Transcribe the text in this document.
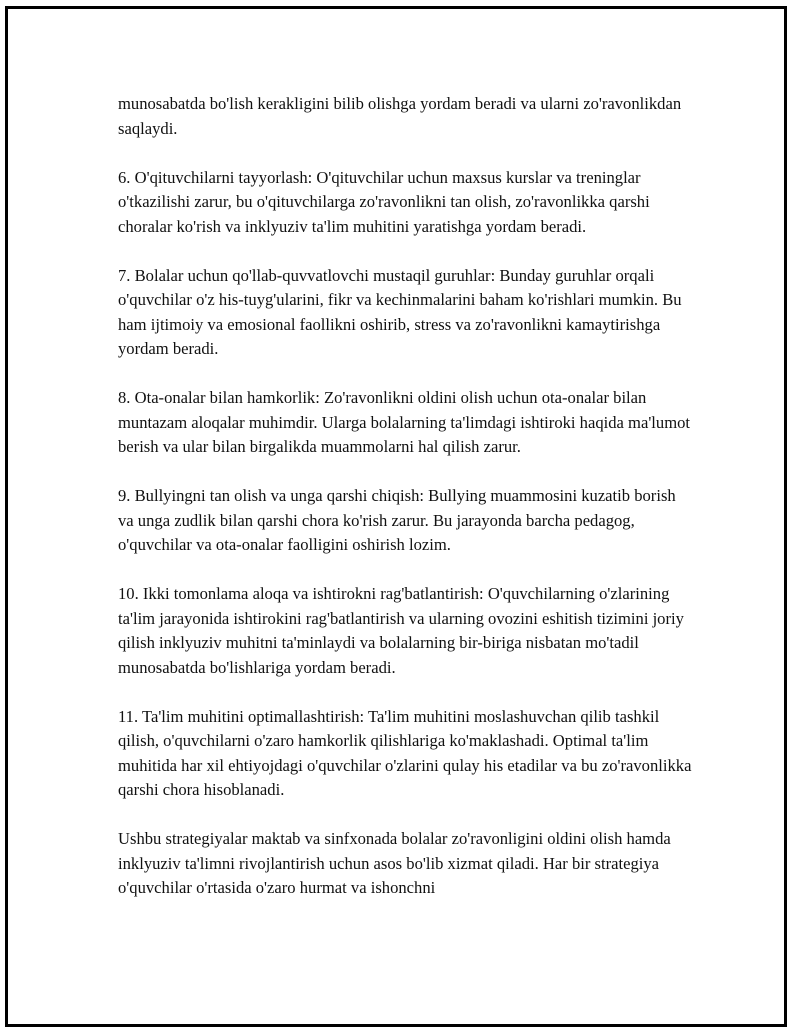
munosabatda bo'lish kerakligini bilib olishga yordam beradi va ularni zo'ravonlikdan saqlaydi.

6. O'qituvchilarni tayyorlash: O'qituvchilar uchun maxsus kurslar va treninglar o'tkazilishi zarur, bu o'qituvchilarga zo'ravonlikni tan olish, zo'ravonlikka qarshi choralar ko'rish va inklyuziv ta'lim muhitini yaratishga yordam beradi.

7. Bolalar uchun qo'llab-quvvatlovchi mustaqil guruhlar: Bunday guruhlar orqali o'quvchilar o'z his-tuyg'ularini, fikr va kechinmalarini baham ko'rishlari mumkin. Bu ham ijtimoiy va emosional faollikni oshirib, stress va zo'ravonlikni kamaytirishga yordam beradi.

8. Ota-onalar bilan hamkorlik: Zo'ravonlikni oldini olish uchun ota-onalar bilan muntazam aloqalar muhimdir. Ularga bolalarning ta'limdagi ishtiroki haqida ma'lumot berish va ular bilan birgalikda muammolarni hal qilish zarur.

9. Bullyingni tan olish va unga qarshi chiqish: Bullying muammosini kuzatib borish va unga zudlik bilan qarshi chora ko'rish zarur. Bu jarayonda barcha pedagog, o'quvchilar va ota-onalar faolligini oshirish lozim.

10. Ikki tomonlama aloqa va ishtirokni rag'batlantirish: O'quvchilarning o'zlarining ta'lim jarayonida ishtirokini rag'batlantirish va ularning ovozini eshitish tizimini joriy qilish inklyuziv muhitni ta'minlaydi va bolalarning bir-biriga nisbatan mo'tadil munosabatda bo'lishlariga yordam beradi.

11. Ta'lim muhitini optimallashtirish: Ta'lim muhitini moslashuvchan qilib tashkil qilish, o'quvchilarni o'zaro hamkorlik qilishlariga ko'maklashadi. Optimal ta'lim muhitida har xil ehtiyojdagi o'quvchilar o'zlarini qulay his etadilar va bu zo'ravonlikka qarshi chora hisoblanadi.

Ushbu strategiyalar maktab va sinfxonada bolalar zo'ravonligini oldini olish hamda inklyuziv ta'limni rivojlantirish uchun asos bo'lib xizmat qiladi. Har bir strategiya o'quvchilar o'rtasida o'zaro hurmat va ishonchni
